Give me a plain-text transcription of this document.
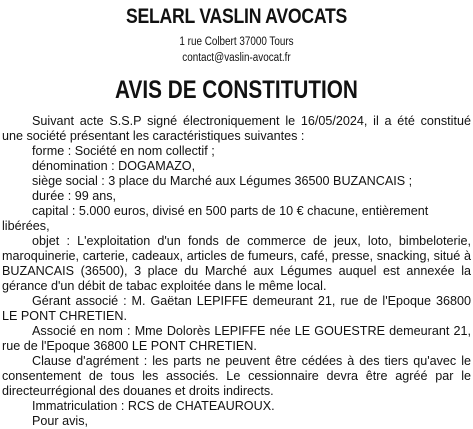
SELARL VASLIN AVOCATS
1 rue Colbert 37000 Tours
contact@vaslin-avocat.fr
AVIS DE CONSTITUTION

Suivant acte S.S.P signé électroniquement le 16/05/2024, il a été constitué une société présentant les caractéristiques suivantes :

forme : Société en nom collectif ;

dénomination : DOGAMAZO,

siège social : 3 place du Marché aux Légumes 36500 BUZANCAIS ;

durée : 99 ans,

capital : 5.000 euros, divisé en 500 parts de 10 € chacune, entièrement libérées,

objet : L'exploitation d'un fonds de commerce de jeux, loto, bimbeloterie, maroquinerie, carterie, cadeaux, articles de fumeurs, café, presse, snacking, situé à BUZANCAIS (36500), 3 place du Marché aux Légumes auquel est annexée la gérance d'un débit de tabac exploitée dans le même local.

Gérant associé : M. Gaëtan LEPIFFE demeurant 21, rue de l'Epoque 36800 LE PONT CHRETIEN.

Associé en nom : Mme Dolorès LEPIFFE née LE GOUESTRE demeurant 21, rue de l'Epoque 36800 LE PONT CHRETIEN.

Clause d'agrément : les parts ne peuvent être cédées à des tiers qu'avec le consentement de tous les associés. Le cessionnaire devra être agréé par le directeurrégional des douanes et droits indirects.

Immatriculation : RCS de CHATEAUROUX.

Pour avis,
